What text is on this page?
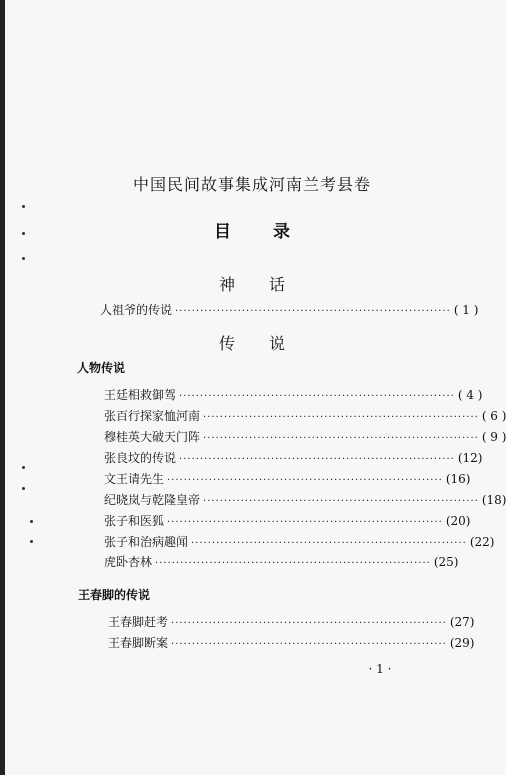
中国民间故事集成河南兰考县卷
目录
神话
人祖爷的传说 ·································································· ( 1 )
传说
人物传说
王廷相救御驾 ·································································· ( 4 )
张百行探家恤河南 ·································································· ( 6 )
穆桂英大破天门阵 ·································································· ( 9 )
张良坟的传说 ·································································· (12)
文王请先生 ·································································· (16)
纪晓岚与乾隆皇帝 ·································································· (18)
张子和医狐 ·································································· (20)
张子和治病趣闻 ·································································· (22)
虎卧杏林 ·································································· (25)
王春脚的传说
王春脚赶考 ·································································· (27)
王春脚断案 ·································································· (29)
· 1 ·
